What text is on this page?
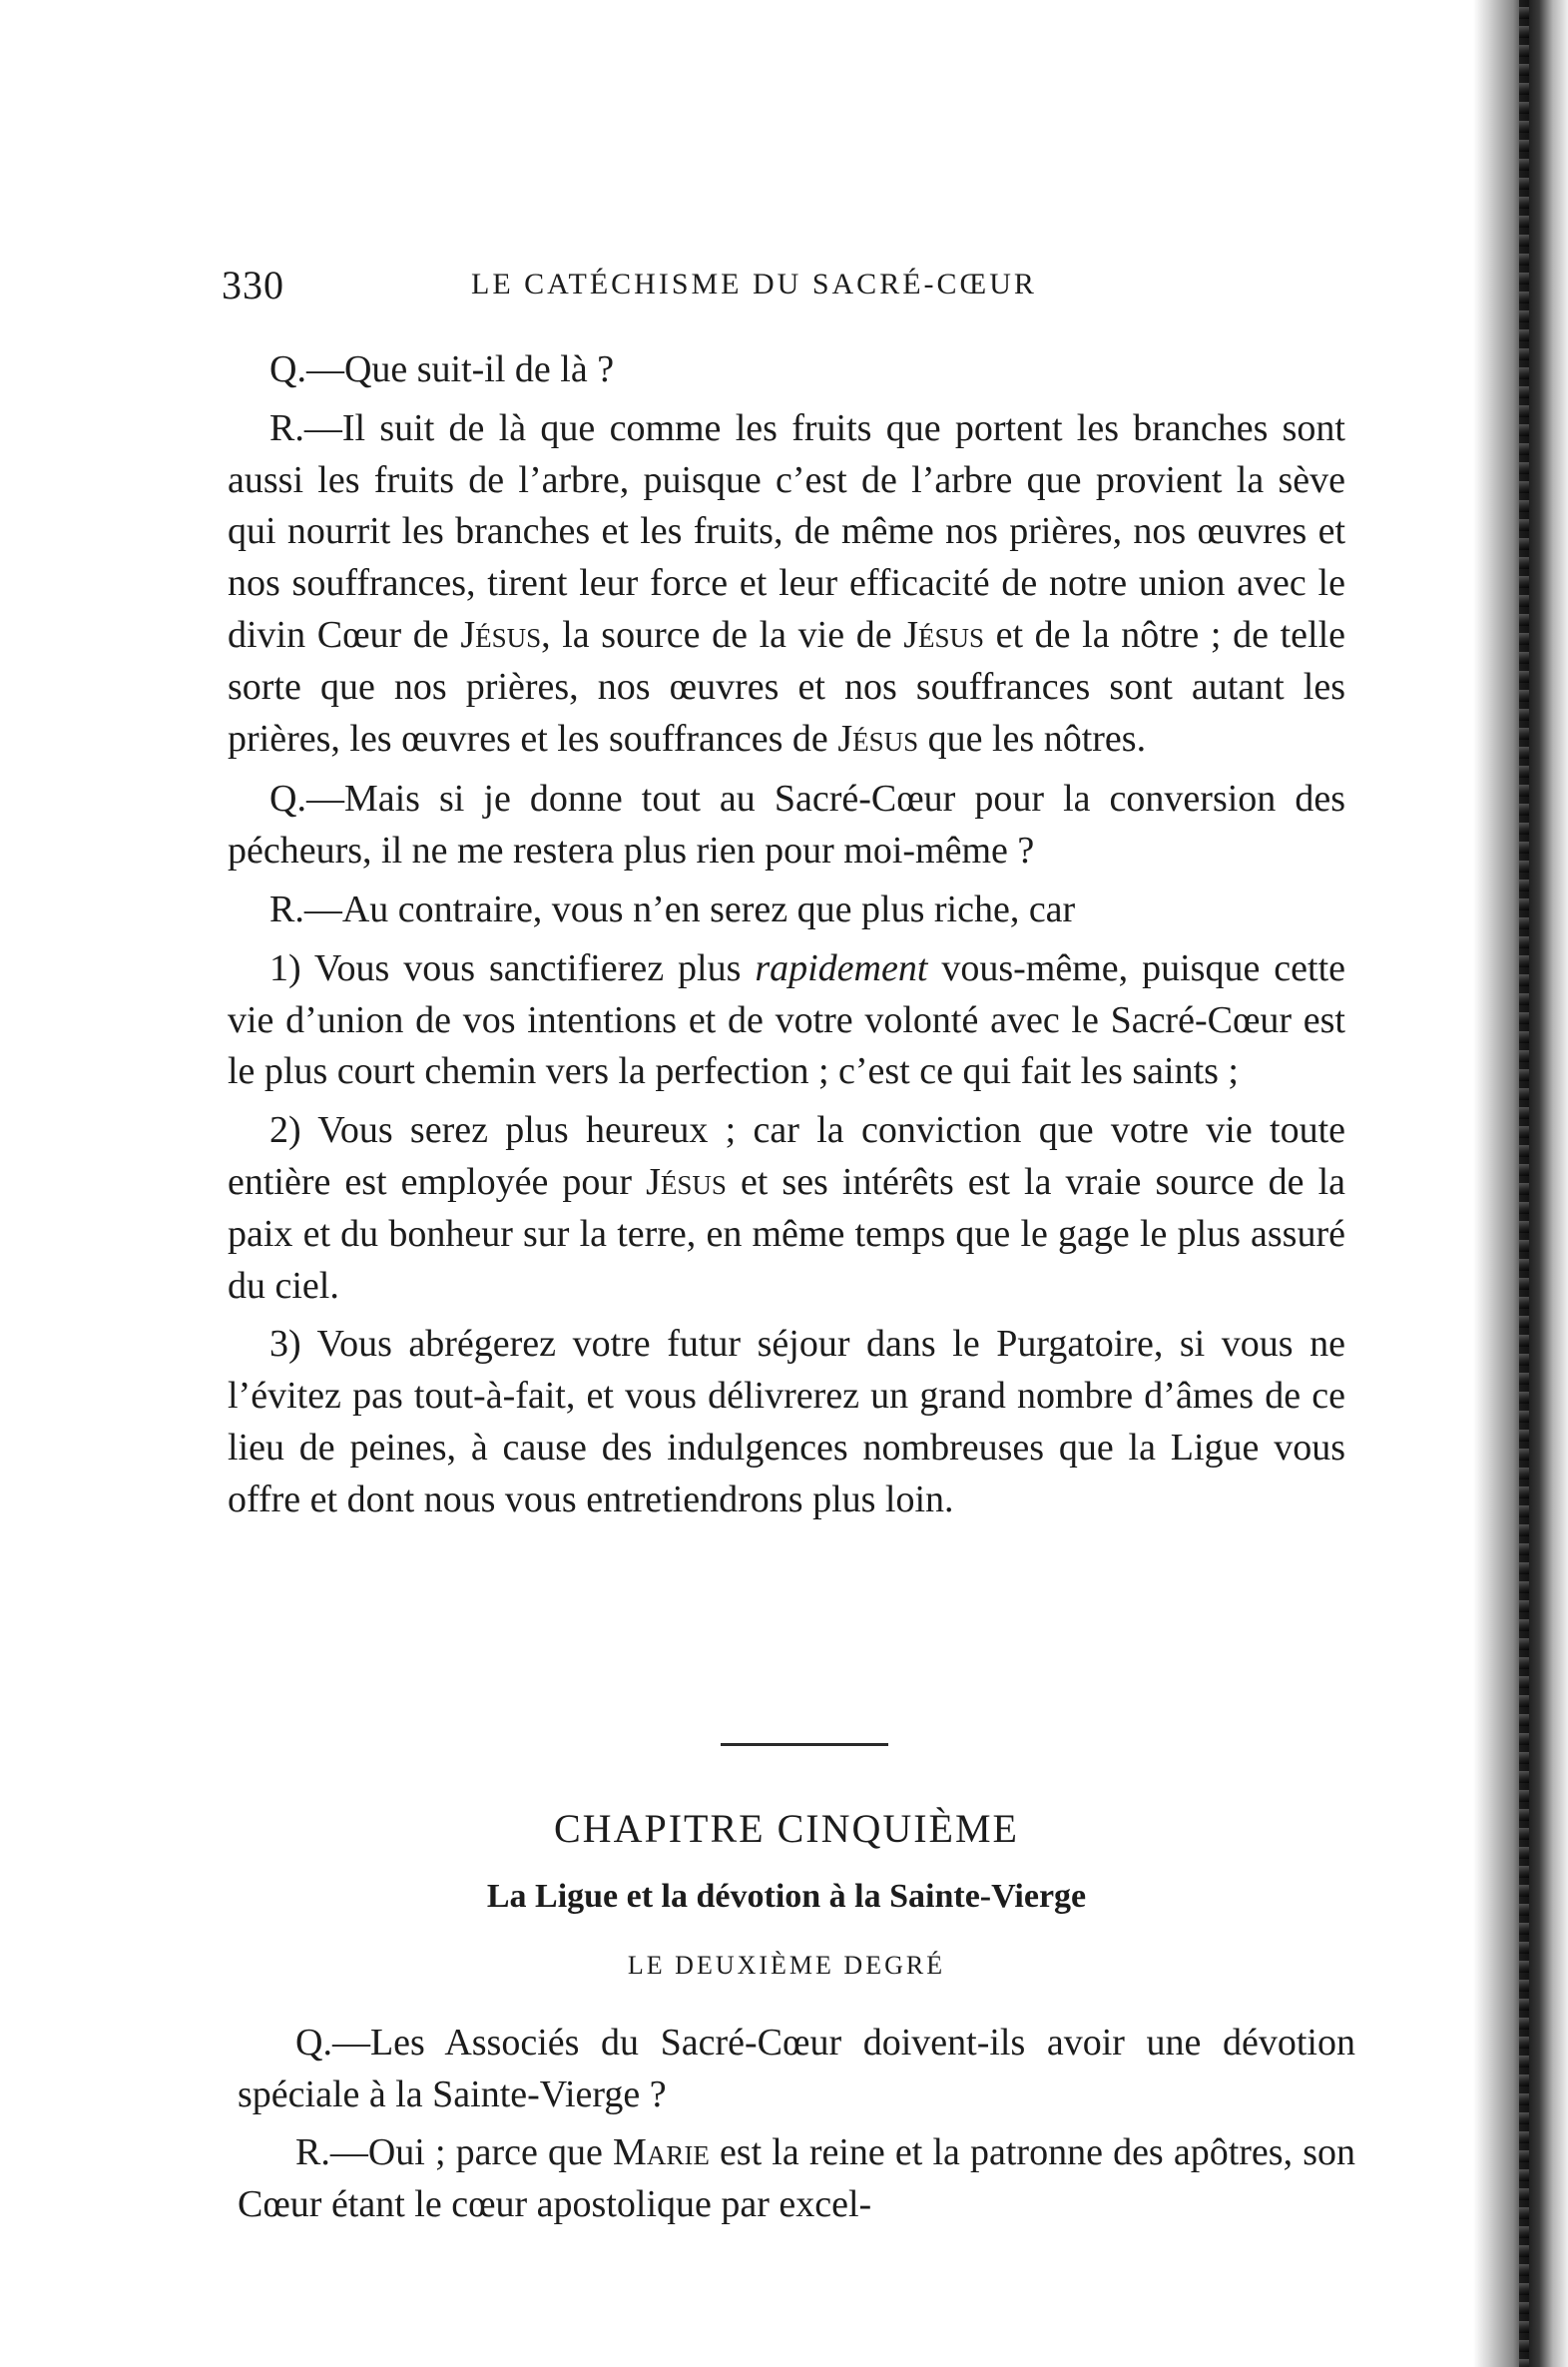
330	LE CATÉCHISME DU SACRÉ-CŒUR

Q.—Que suit-il de là ?

R.—Il suit de là que comme les fruits que portent les branches sont aussi les fruits de l’arbre, puisque c’est de l’arbre que provient la sève qui nourrit les branches et les fruits, de même nos prières, nos œuvres et nos souffrances, tirent leur force et leur efficacité de notre union avec le divin Cœur de Jésus, la source de la vie de Jésus et de la nôtre ; de telle sorte que nos prières, nos œuvres et nos souffrances sont autant les prières, les œuvres et les souffrances de Jésus que les nôtres.

Q.—Mais si je donne tout au Sacré-Cœur pour la conversion des pécheurs, il ne me restera plus rien pour moi-même ?

R.—Au contraire, vous n’en serez que plus riche, car

1) Vous vous sanctifierez plus rapidement vous-même, puisque cette vie d’union de vos intentions et de votre volonté avec le Sacré-Cœur est le plus court chemin vers la perfection ; c’est ce qui fait les saints ;

2) Vous serez plus heureux ; car la conviction que votre vie toute entière est employée pour Jésus et ses intérêts est la vraie source de la paix et du bonheur sur la terre, en même temps que le gage le plus assuré du ciel.

3) Vous abrégerez votre futur séjour dans le Purgatoire, si vous ne l’évitez pas tout-à-fait, et vous délivrerez un grand nombre d’âmes de ce lieu de peines, à cause des indulgences nombreuses que la Ligue vous offre et dont nous vous entretiendrons plus loin.

CHAPITRE CINQUIÈME
La Ligue et la dévotion à la Sainte-Vierge
LE DEUXIÈME DEGRÉ

Q.—Les Associés du Sacré-Cœur doivent-ils avoir une dévotion spéciale à la Sainte-Vierge ?

R.—Oui ; parce que Marie est la reine et la patronne des apôtres, son Cœur étant le cœur apostolique par excel-
